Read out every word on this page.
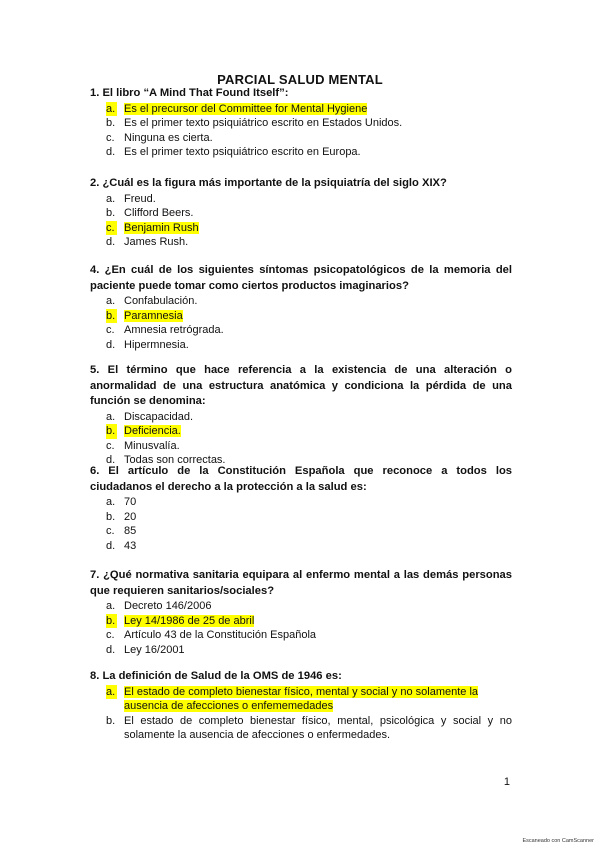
PARCIAL SALUD MENTAL

1. El libro “A Mind That Found Itself”:

a. Es el precursor del Committee for Mental Hygiene
b. Es el primer texto psiquiátrico escrito en Estados Unidos.
c. Ninguna es cierta.
d. Es el primer texto psiquiátrico escrito en Europa.

2. ¿Cuál es la figura más importante de la psiquiatría del siglo XIX?

a. Freud.
b. Clifford Beers.
c. Benjamin Rush
d. James Rush.

4. ¿En cuál de los siguientes síntomas psicopatológicos de la memoria del paciente puede tomar como ciertos productos imaginarios?

a. Confabulación.
b. Paramnesia
c. Amnesia retrógrada.
d. Hipermnesia.

5. El término que hace referencia a la existencia de una alteración o anormalidad de una estructura anatómica y condiciona la pérdida de una función se denomina:

a. Discapacidad.
b. Deficiencia.
c. Minusvalía.
d. Todas son correctas.

6. El artículo de la Constitución Española que reconoce a todos los ciudadanos el derecho a la protección a la salud es:

a. 70
b. 20
c. 85
d. 43

7. ¿Qué normativa sanitaria equipara al enfermo mental a las demás personas que requieren sanitarios/sociales?

a. Decreto 146/2006
b. Ley 14/1986 de 25 de abril
c. Artículo 43 de la Constitución Española
d. Ley 16/2001

8. La definición de Salud de la OMS de 1946 es:

a. El estado de completo bienestar físico, mental y social y no solamente la ausencia de afecciones o enfememedades
b. El estado de completo bienestar físico, mental, psicológica y social y no solamente la ausencia de afecciones o enfermedades.
1
Escaneado con CamScanner
